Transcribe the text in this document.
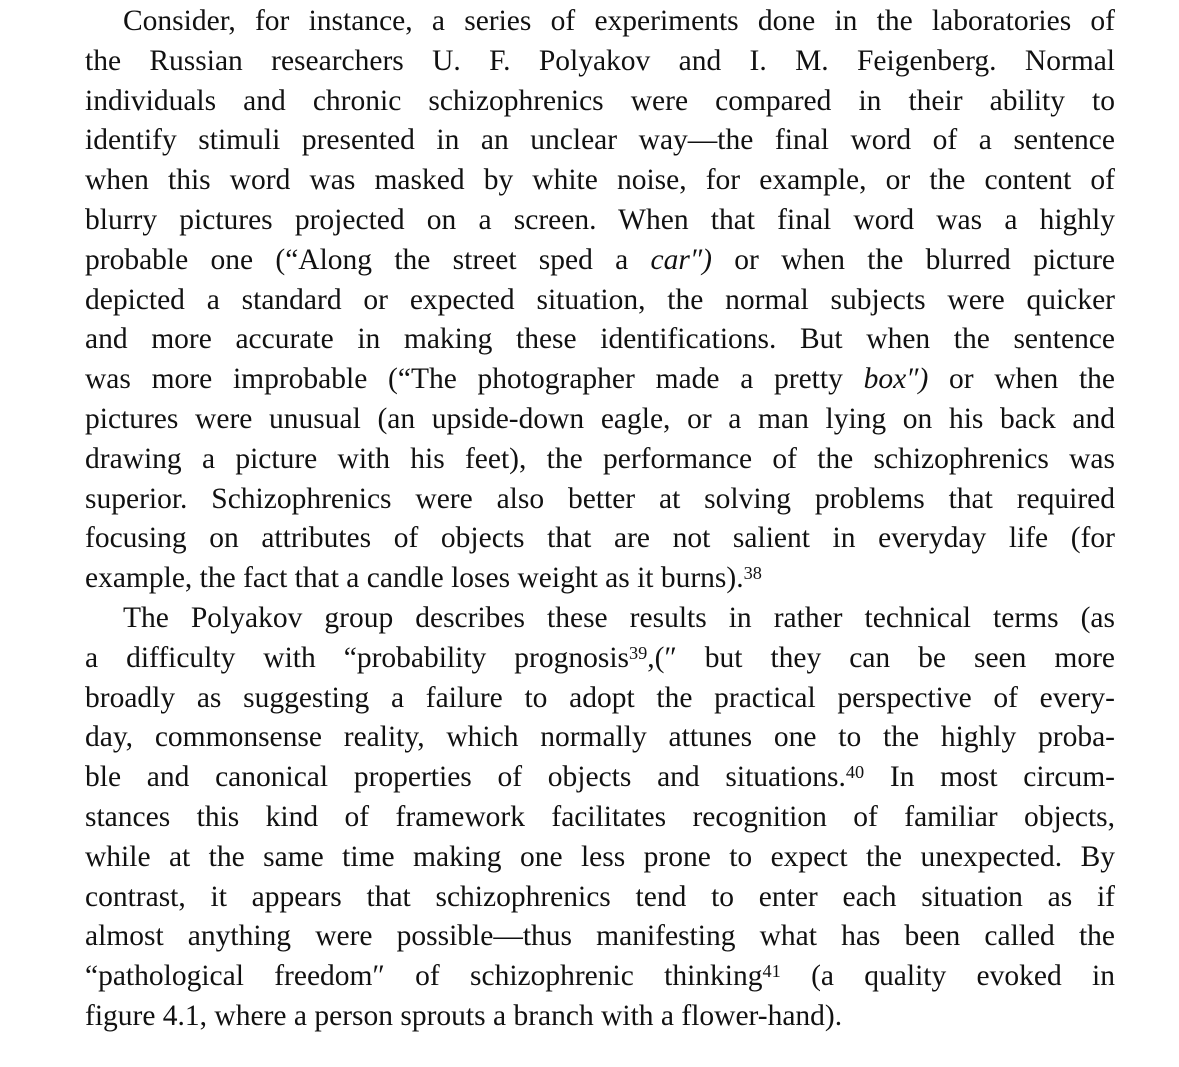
Consider, for instance, a series of experiments done in the laboratories of
the Russian researchers U. F. Polyakov and I. M. Feigenberg. Normal
individuals and chronic schizophrenics were compared in their ability to
identify stimuli presented in an unclear way—the final word of a sentence
when this word was masked by white noise, for example, or the content of
blurry pictures projected on a screen. When that final word was a highly
probable one (“Along the street sped a car″) or when the blurred picture
depicted a standard or expected situation, the normal subjects were quicker
and more accurate in making these identifications. But when the sentence
was more improbable (“The photographer made a pretty box″) or when the
pictures were unusual (an upside-down eagle, or a man lying on his back and
drawing a picture with his feet), the performance of the schizophrenics was
superior. Schizophrenics were also better at solving problems that required
focusing on attributes of objects that are not salient in everyday life (for
example, the fact that a candle loses weight as it burns).$^{38}$
The Polyakov group describes these results in rather technical terms (as
a difficulty with “probability prognosis$^{39}$,(″ but they can be seen more
broadly as suggesting a failure to adopt the practical perspective of every-
day, commonsense reality, which normally attunes one to the highly proba-
ble and canonical properties of objects and situations.$^{40}$ In most circum-
stances this kind of framework facilitates recognition of familiar objects,
while at the same time making one less prone to expect the unexpected. By
contrast, it appears that schizophrenics tend to enter each situation as if
almost anything were possible—thus manifesting what has been called the
“pathological freedom″ of schizophrenic thinking$^{41}$ (a quality evoked in
figure 4.1, where a person sprouts a branch with a flower-hand).
